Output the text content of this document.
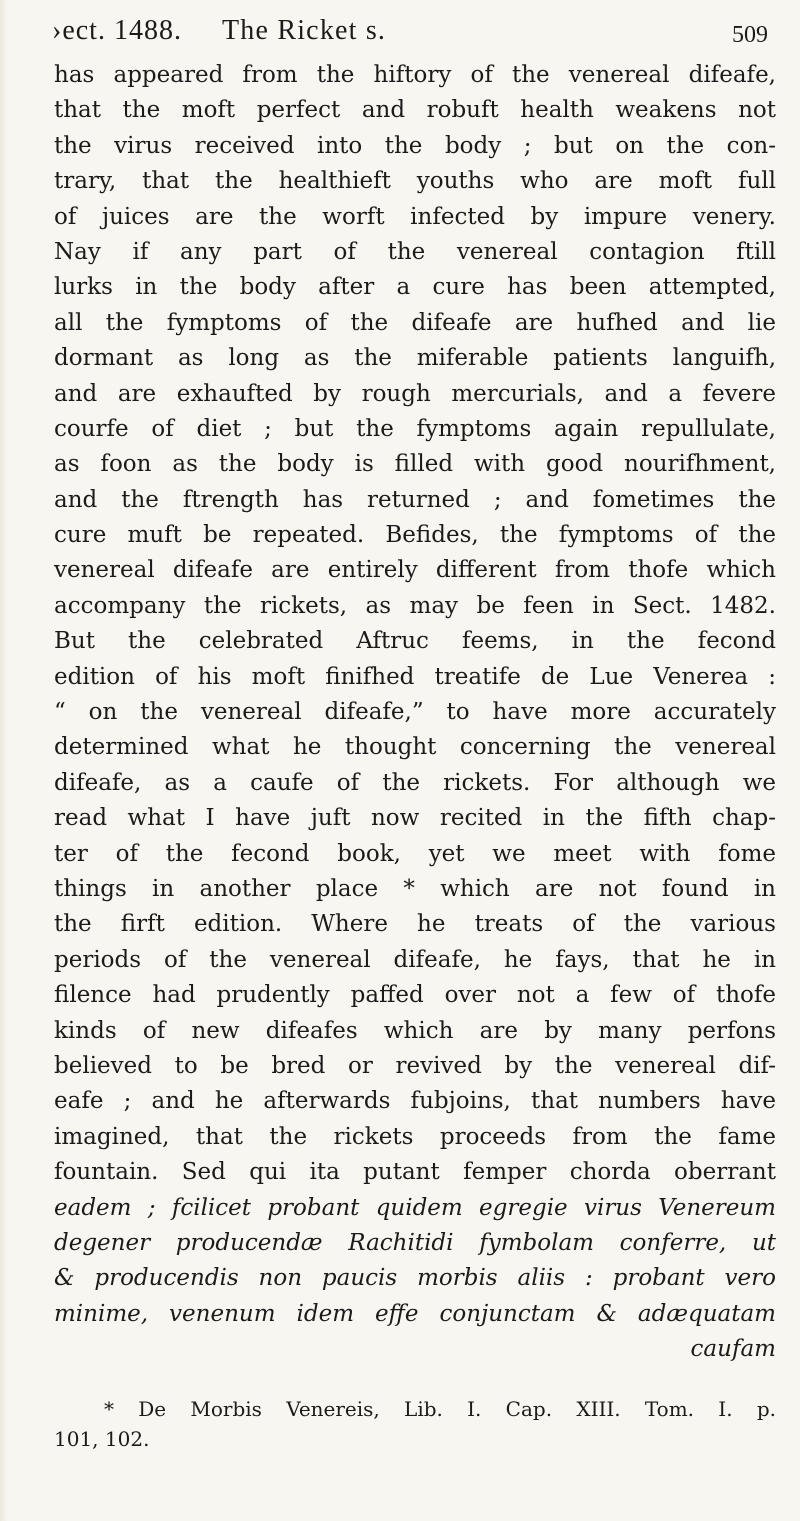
›ect. 1488. The Ricket s.	509
has appeared from the hiftory of the venereal difeafe,
that the moft perfect and robuft health weakens not
the virus received into the body ; but on the con-
trary, that the healthieft youths who are moft full
of juices are the worft infected by impure venery.
Nay if any part of the venereal contagion ftill
lurks in the body after a cure has been attempted,
all the fymptoms of the difeafe are hufhed and lie
dormant as long as the miferable patients languifh,
and are exhaufted by rough mercurials, and a fevere
courfe of diet ; but the fymptoms again repullulate,
as foon as the body is filled with good nourifhment,
and the ftrength has returned ; and fometimes the
cure muft be repeated. Befides, the fymptoms of the
venereal difeafe are entirely different from thofe which
accompany the rickets, as may be feen in Sect. 1482.
But the celebrated Aftruc feems, in the fecond
edition of his moft finifhed treatife de Lue Venerea :
“ on the venereal difeafe,” to have more accurately
determined what he thought concerning the venereal
difeafe, as a caufe of the rickets. For although we
read what I have juft now recited in the fifth chap-
ter of the fecond book, yet we meet with fome
things in another place * which are not found in
the firft edition. Where he treats of the various
periods of the venereal difeafe, he fays, that he in
filence had prudently paffed over not a few of thofe
kinds of new difeafes which are by many perfons
believed to be bred or revived by the venereal dif-
eafe ; and he afterwards fubjoins, that numbers have
imagined, that the rickets proceeds from the fame
fountain. Sed qui ita putant femper chorda oberrant
eadem ; fcilicet probant quidem egregie virus Venereum
degener producendæ Rachitidi fymbolam conferre, ut
& producendis non paucis morbis aliis : probant vero
minime, venenum idem effe conjunctam & adæquatam
caufam
* De Morbis Venereis, Lib. I. Cap. XIII. Tom. I. p.
101, 102.
